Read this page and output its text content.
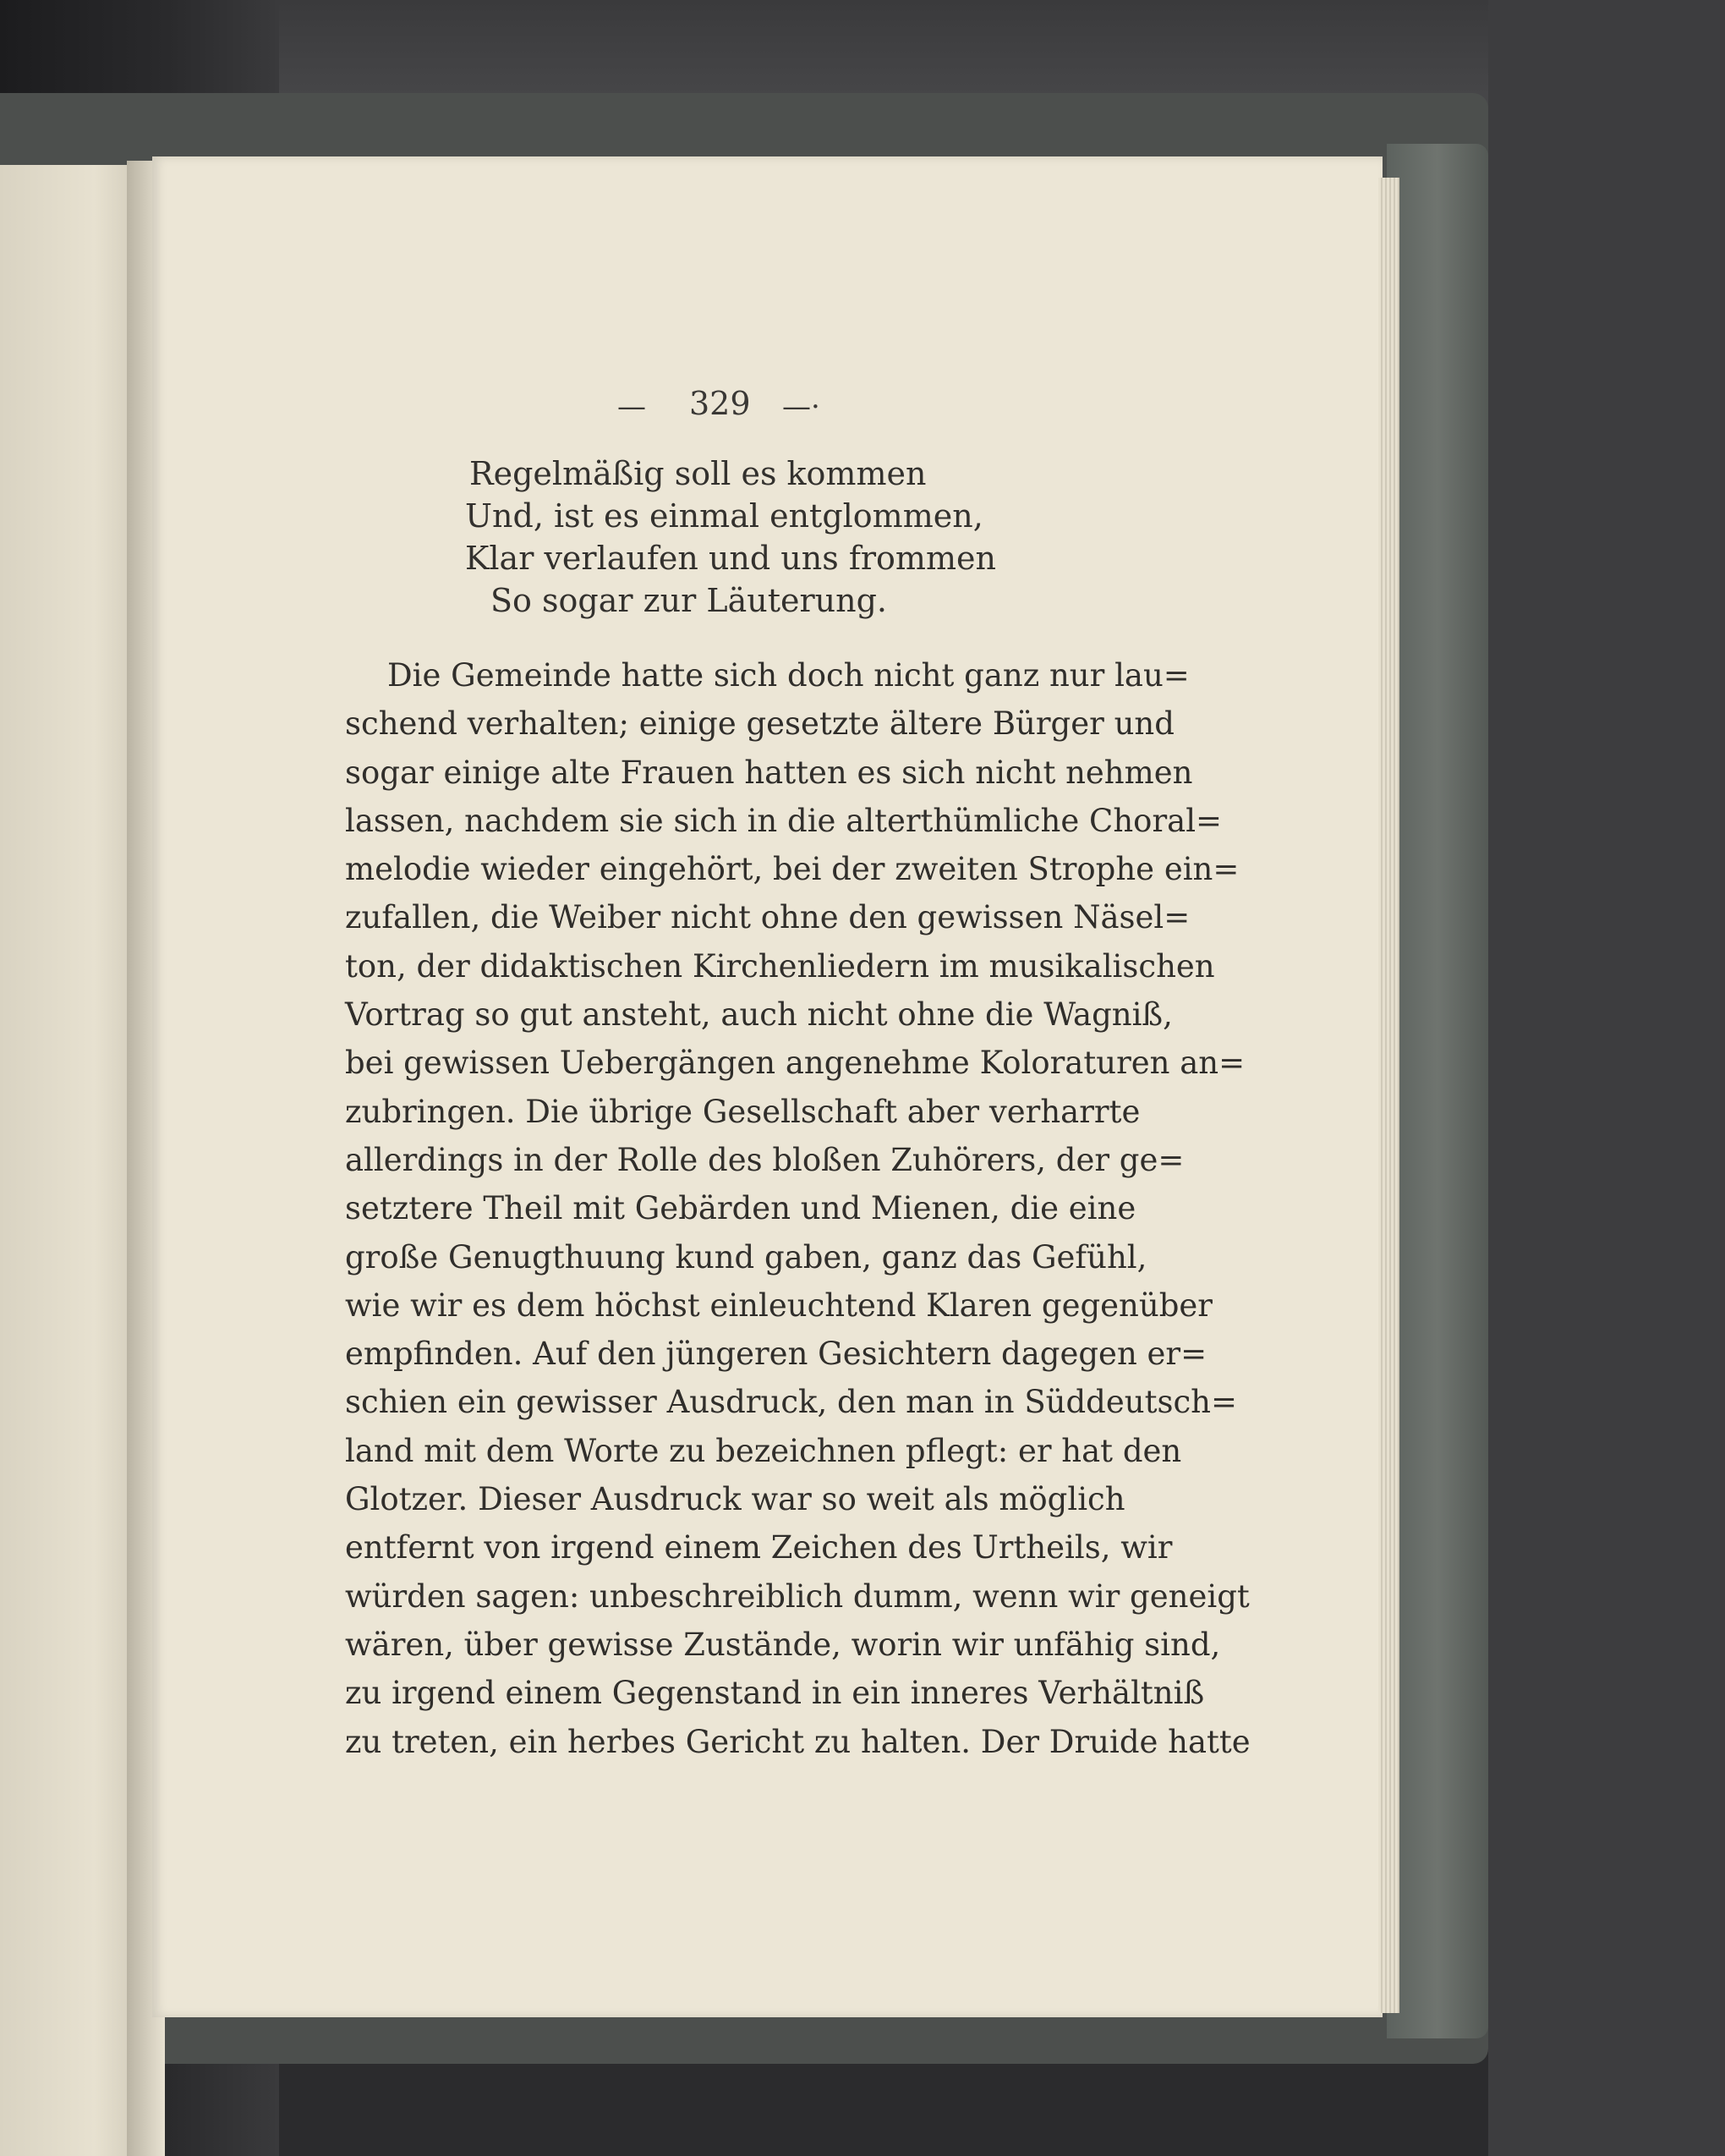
— 329 —·
Regelmäßig soll es kommen
Und, ist es einmal entglommen,
Klar verlaufen und uns frommen
So sogar zur Läuterung.
Die Gemeinde hatte sich doch nicht ganz nur lau=
schend verhalten; einige gesetzte ältere Bürger und
sogar einige alte Frauen hatten es sich nicht nehmen
lassen, nachdem sie sich in die alterthümliche Choral=
melodie wieder eingehört, bei der zweiten Strophe ein=
zufallen, die Weiber nicht ohne den gewissen Näsel=
ton, der didaktischen Kirchenliedern im musikalischen
Vortrag so gut ansteht, auch nicht ohne die Wagniß,
bei gewissen Uebergängen angenehme Koloraturen an=
zubringen. Die übrige Gesellschaft aber verharrte
allerdings in der Rolle des bloßen Zuhörers, der ge=
setztere Theil mit Gebärden und Mienen, die eine
große Genugthuung kund gaben, ganz das Gefühl,
wie wir es dem höchst einleuchtend Klaren gegenüber
empfinden. Auf den jüngeren Gesichtern dagegen er=
schien ein gewisser Ausdruck, den man in Süddeutsch=
land mit dem Worte zu bezeichnen pflegt: er hat den
Glotzer. Dieser Ausdruck war so weit als möglich
entfernt von irgend einem Zeichen des Urtheils, wir
würden sagen: unbeschreiblich dumm, wenn wir geneigt
wären, über gewisse Zustände, worin wir unfähig sind,
zu irgend einem Gegenstand in ein inneres Verhältniß
zu treten, ein herbes Gericht zu halten. Der Druide hatte
